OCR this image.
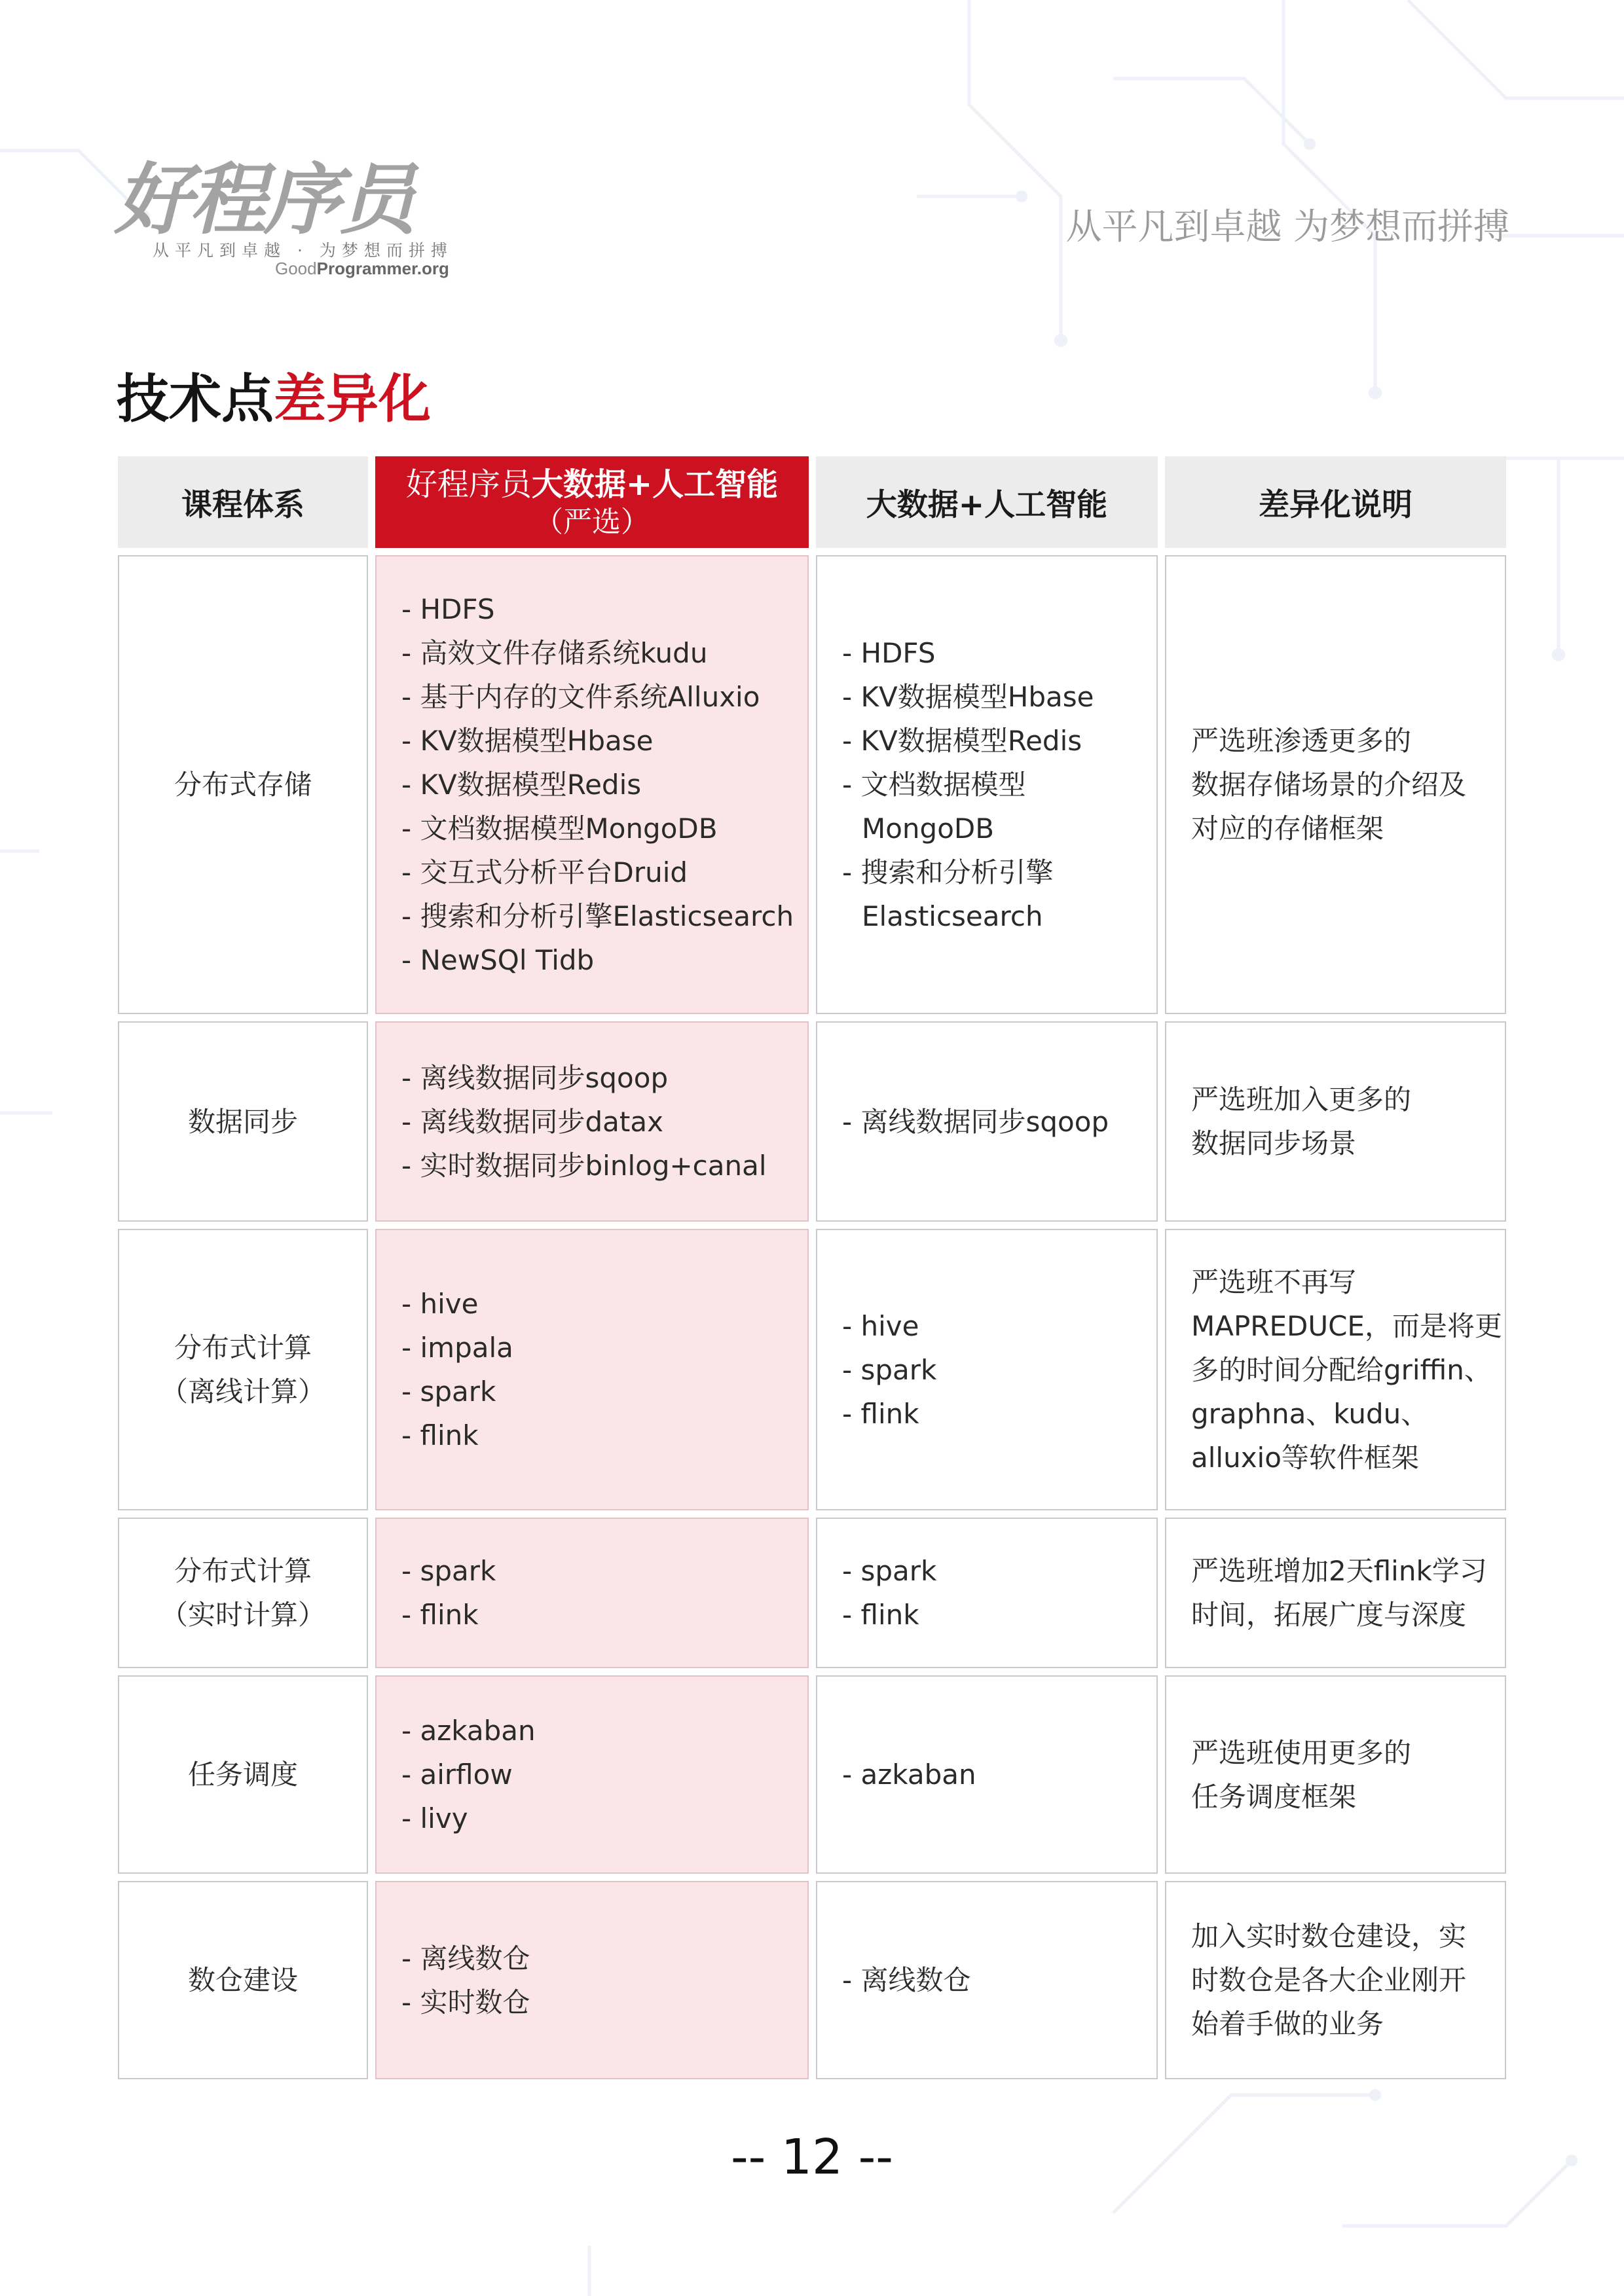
好程序员
从平凡到卓越 · 为梦想而拼搏
GoodProgrammer.org
从平凡到卓越 为梦想而拼搏
技术点差异化
课程体系
好程序员大数据+人工智能
（严选）	大数据+人工智能	差异化说明
分布式存储
- HDFS
- 高效文件存储系统kudu
- 基于内存的文件系统Alluxio
- KV数据模型Hbase
- KV数据模型Redis
- 文档数据模型MongoDB
- 交互式分析平台Druid
- 搜索和分析引擎Elasticsearch
- NewSQl Tidb
- HDFS
- KV数据模型Hbase
- KV数据模型Redis
- 文档数据模型
MongoDB
- 搜索和分析引擎
Elasticsearch
严选班渗透更多的
数据存储场景的介绍及
对应的存储框架
数据同步
- 离线数据同步sqoop
- 离线数据同步datax
- 实时数据同步binlog+canal
- 离线数据同步sqoop
严选班加入更多的
数据同步场景
分布式计算
（离线计算）
- hive
- impala
- spark
- flink
- hive
- spark
- flink
严选班不再写
MAPREDUCE，而是将更
多的时间分配给griffin、
graphna、kudu、
alluxio等软件框架
分布式计算
（实时计算）
- spark
- flink
- spark
- flink
严选班增加2天flink学习
时间，拓展广度与深度
任务调度
- azkaban
- airflow
- livy
- azkaban
严选班使用更多的
任务调度框架
数仓建设
- 离线数仓
- 实时数仓
- 离线数仓
加入实时数仓建设，实
时数仓是各大企业刚开
始着手做的业务
-- 12 --
